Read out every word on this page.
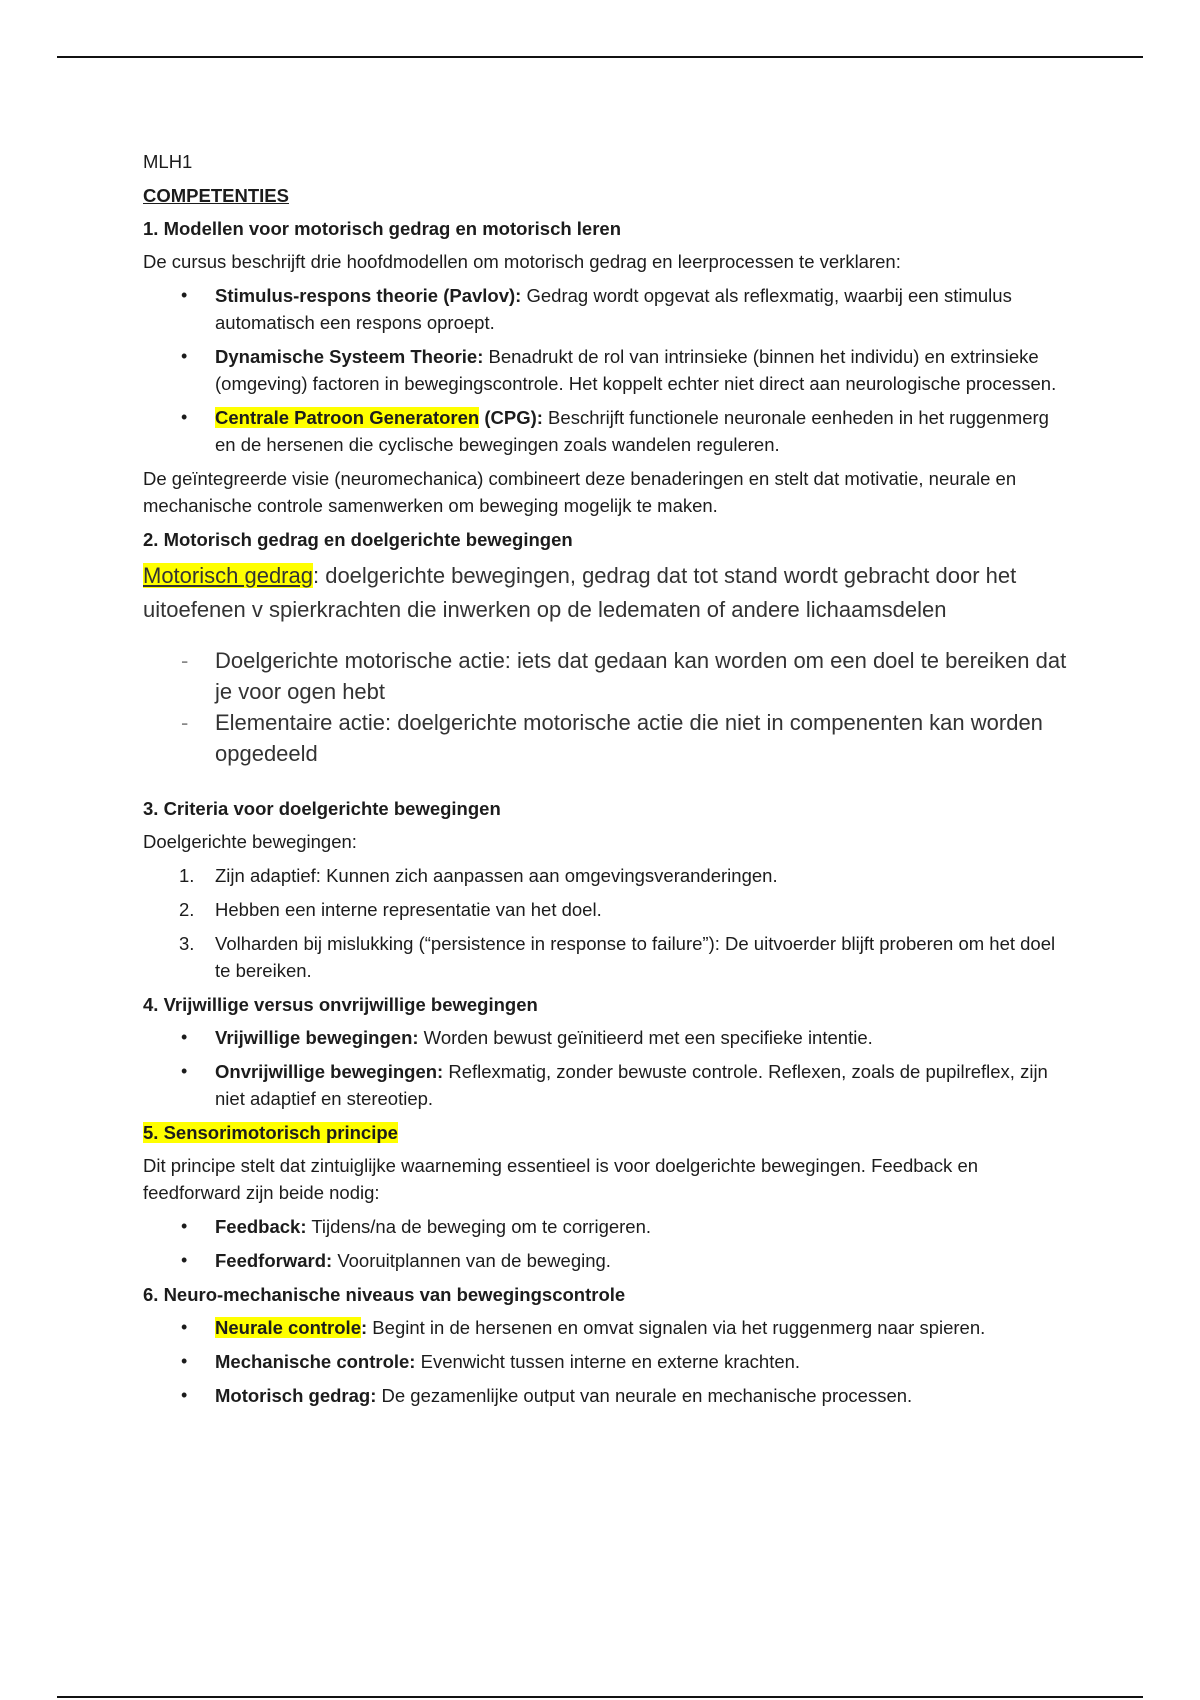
MLH1

COMPETENTIES

1. Modellen voor motorisch gedrag en motorisch leren

De cursus beschrijft drie hoofdmodellen om motorisch gedrag en leerprocessen te verklaren:

• Stimulus-respons theorie (Pavlov): Gedrag wordt opgevat als reflexmatig, waarbij een stimulus automatisch een respons oproept.
• Dynamische Systeem Theorie: Benadrukt de rol van intrinsieke (binnen het individu) en extrinsieke (omgeving) factoren in bewegingscontrole. Het koppelt echter niet direct aan neurologische processen.
• Centrale Patroon Generatoren (CPG): Beschrijft functionele neuronale eenheden in het ruggenmerg en de hersenen die cyclische bewegingen zoals wandelen reguleren.

De geïntegreerde visie (neuromechanica) combineert deze benaderingen en stelt dat motivatie, neurale en mechanische controle samenwerken om beweging mogelijk te maken.

2. Motorisch gedrag en doelgerichte bewegingen

Motorisch gedrag: doelgerichte bewegingen, gedrag dat tot stand wordt gebracht door het uitoefenen v spierkrachten die inwerken op de ledematen of andere lichaamsdelen

- Doelgerichte motorische actie: iets dat gedaan kan worden om een doel te bereiken dat je voor ogen hebt
- Elementaire actie: doelgerichte motorische actie die niet in compenenten kan worden opgedeeld

3. Criteria voor doelgerichte bewegingen

Doelgerichte bewegingen:

1. Zijn adaptief: Kunnen zich aanpassen aan omgevingsveranderingen.
2. Hebben een interne representatie van het doel.
3. Volharden bij mislukking (“persistence in response to failure”): De uitvoerder blijft proberen om het doel te bereiken.

4. Vrijwillige versus onvrijwillige bewegingen

• Vrijwillige bewegingen: Worden bewust geïnitieerd met een specifieke intentie.
• Onvrijwillige bewegingen: Reflexmatig, zonder bewuste controle. Reflexen, zoals de pupilreflex, zijn niet adaptief en stereotiep.

5. Sensorimotorisch principe

Dit principe stelt dat zintuiglijke waarneming essentieel is voor doelgerichte bewegingen. Feedback en feedforward zijn beide nodig:

• Feedback: Tijdens/na de beweging om te corrigeren.
• Feedforward: Vooruitplannen van de beweging.

6. Neuro-mechanische niveaus van bewegingscontrole

• Neurale controle: Begint in de hersenen en omvat signalen via het ruggenmerg naar spieren.
• Mechanische controle: Evenwicht tussen interne en externe krachten.
• Motorisch gedrag: De gezamenlijke output van neurale en mechanische processen.
